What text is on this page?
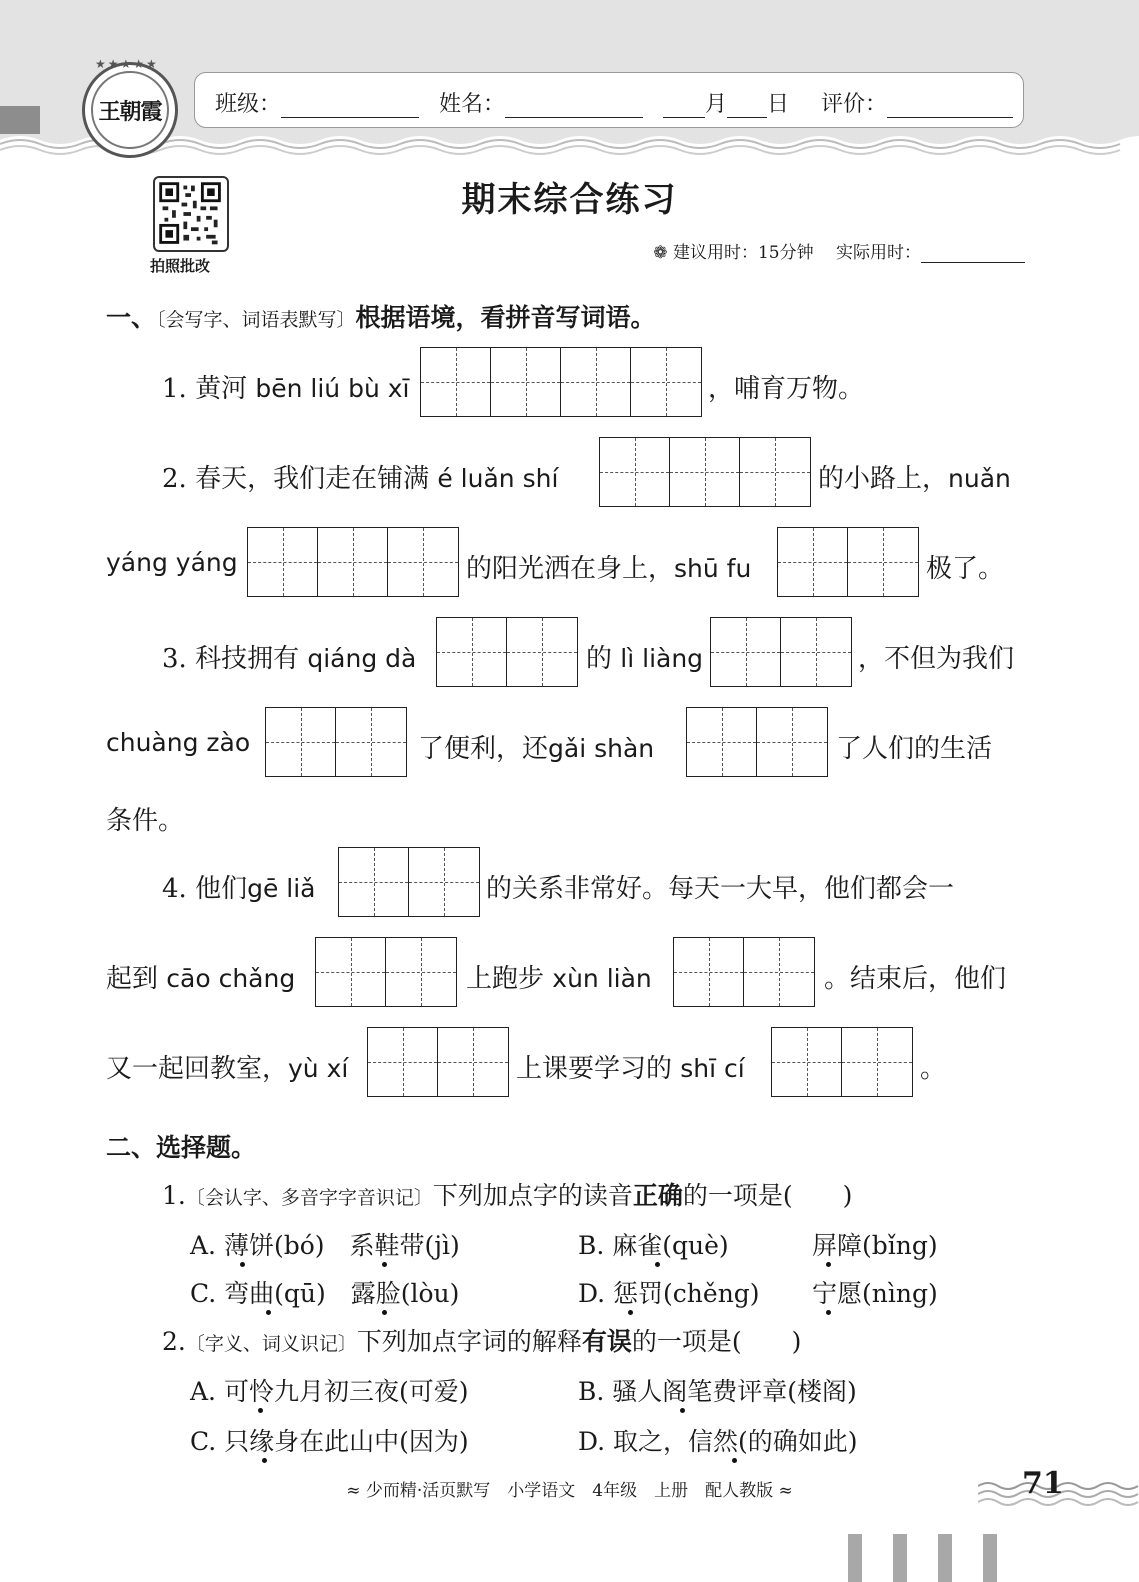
★★★★★
王朝霞 班级：	姓名：	月 日 评价：
拍照批改
期末综合练习
❁ 建议用时：15分钟　 实际用时：
一、〔会写字、词语表默写〕根据语境，看拼音写词语。
1. 黄河 bēn liú bù xī	，哺育万物。
2. 春天，我们走在铺满 é luǎn shí	的小路上，nuǎn
yáng yáng	的阳光洒在身上，shū fu	极了。
3. 科技拥有 qiáng dà	的 lì liàng	，不但为我们
chuàng zào	了便利，还gǎi shàn	了人们的生活
条件。
4. 他们gē liǎ	的关系非常好。每天一大早，他们都会一
起到 cāo chǎng	上跑步 xùn liàn	。结束后，他们
又一起回教室，yù xí	上课要学习的 shī cí	。
二、选择题。
1.〔会认字、多音字字音识记〕下列加点字的读音正确的一项是(　　)
A. 薄饼(bó)　系鞋带(jì)	B. 麻雀(què)	屏障(bǐng)
C. 弯曲(qū)　露脸(lòu)	D. 惩罚(chěng) 宁愿(nìng)
2.〔字义、词义识记〕下列加点字词的解释有误的一项是(　　)
A. 可怜九月初三夜(可爱)	B. 骚人阁笔费评章(楼阁)
C. 只缘身在此山中(因为)	D. 取之，信然(的确如此)
≈ 少而精·活页默写　小学语文　4年级　上册　配人教版 ≈	71
